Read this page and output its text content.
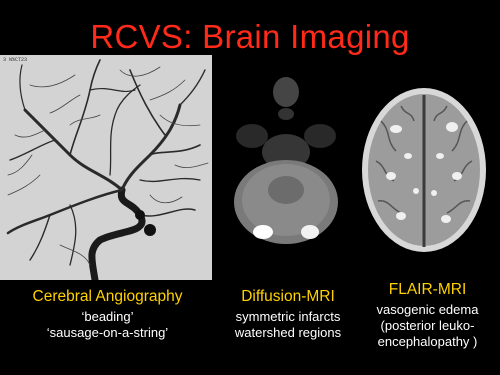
RCVS: Brain Imaging
3 N%CT23
Cerebral Angiography
‘beading’
‘sausage-on-a-string’
Diffusion-MRI
symmetric infarcts
watershed regions
FLAIR-MRI
vasogenic edema
(posterior leuko-
encephalopathy )
